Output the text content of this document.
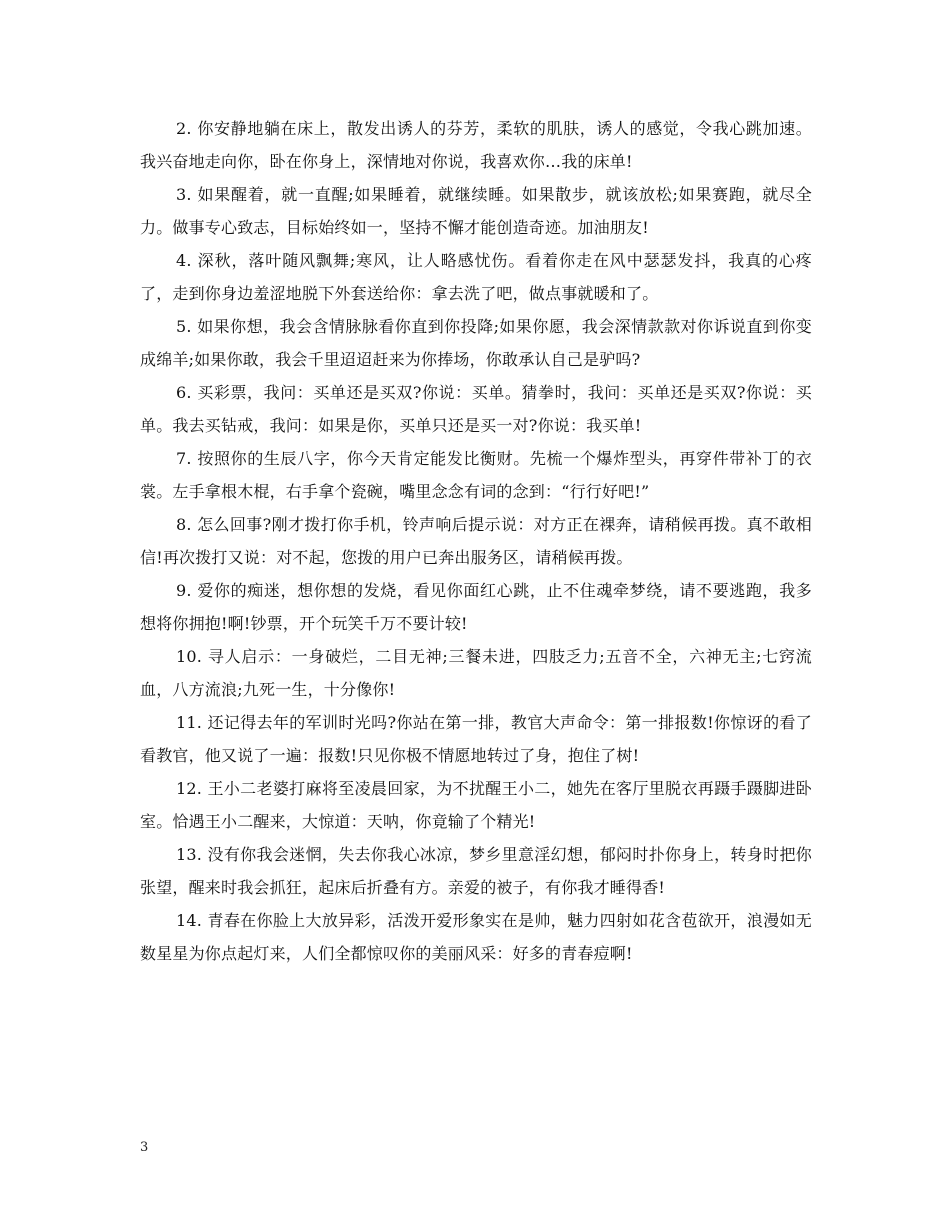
2. 你安静地躺在床上，散发出诱人的芬芳，柔软的肌肤，诱人的感觉，令我心跳加速。我兴奋地走向你，卧在你身上，深情地对你说，我喜欢你…我的床单!

3. 如果醒着，就一直醒;如果睡着，就继续睡。如果散步，就该放松;如果赛跑，就尽全力。做事专心致志，目标始终如一，坚持不懈才能创造奇迹。加油朋友!

4. 深秋，落叶随风飘舞;寒风，让人略感忧伤。看着你走在风中瑟瑟发抖，我真的心疼了，走到你身边羞涩地脱下外套送给你：拿去洗了吧，做点事就暖和了。

5. 如果你想，我会含情脉脉看你直到你投降;如果你愿，我会深情款款对你诉说直到你变成绵羊;如果你敢，我会千里迢迢赶来为你捧场，你敢承认自己是驴吗?

6. 买彩票，我问：买单还是买双?你说：买单。猜拳时，我问：买单还是买双?你说：买单。我去买钻戒，我问：如果是你，买单只还是买一对?你说：我买单!

7. 按照你的生辰八字，你今天肯定能发比衡财。先梳一个爆炸型头，再穿件带补丁的衣裳。左手拿根木棍，右手拿个瓷碗，嘴里念念有词的念到：“行行好吧!”

8. 怎么回事?刚才拨打你手机，铃声响后提示说：对方正在裸奔，请稍候再拨。真不敢相信!再次拨打又说：对不起，您拨的用户已奔出服务区，请稍候再拨。

9. 爱你的痴迷，想你想的发烧，看见你面红心跳，止不住魂牵梦绕，请不要逃跑，我多想将你拥抱!啊!钞票，开个玩笑千万不要计较!

10. 寻人启示：一身破烂，二目无神;三餐未进，四肢乏力;五音不全，六神无主;七窍流血，八方流浪;九死一生，十分像你!

11. 还记得去年的军训时光吗?你站在第一排，教官大声命令：第一排报数!你惊讶的看了看教官，他又说了一遍：报数!只见你极不情愿地转过了身，抱住了树!

12. 王小二老婆打麻将至凌晨回家，为不扰醒王小二，她先在客厅里脱衣再蹑手蹑脚进卧室。恰遇王小二醒来，大惊道：天呐，你竟输了个精光!

13. 没有你我会迷惘，失去你我心冰凉，梦乡里意淫幻想，郁闷时扑你身上，转身时把你张望，醒来时我会抓狂，起床后折叠有方。亲爱的被子，有你我才睡得香!

14. 青春在你脸上大放异彩，活泼开爱形象实在是帅，魅力四射如花含苞欲开，浪漫如无数星星为你点起灯来，人们全都惊叹你的美丽风采：好多的青春痘啊!

3
